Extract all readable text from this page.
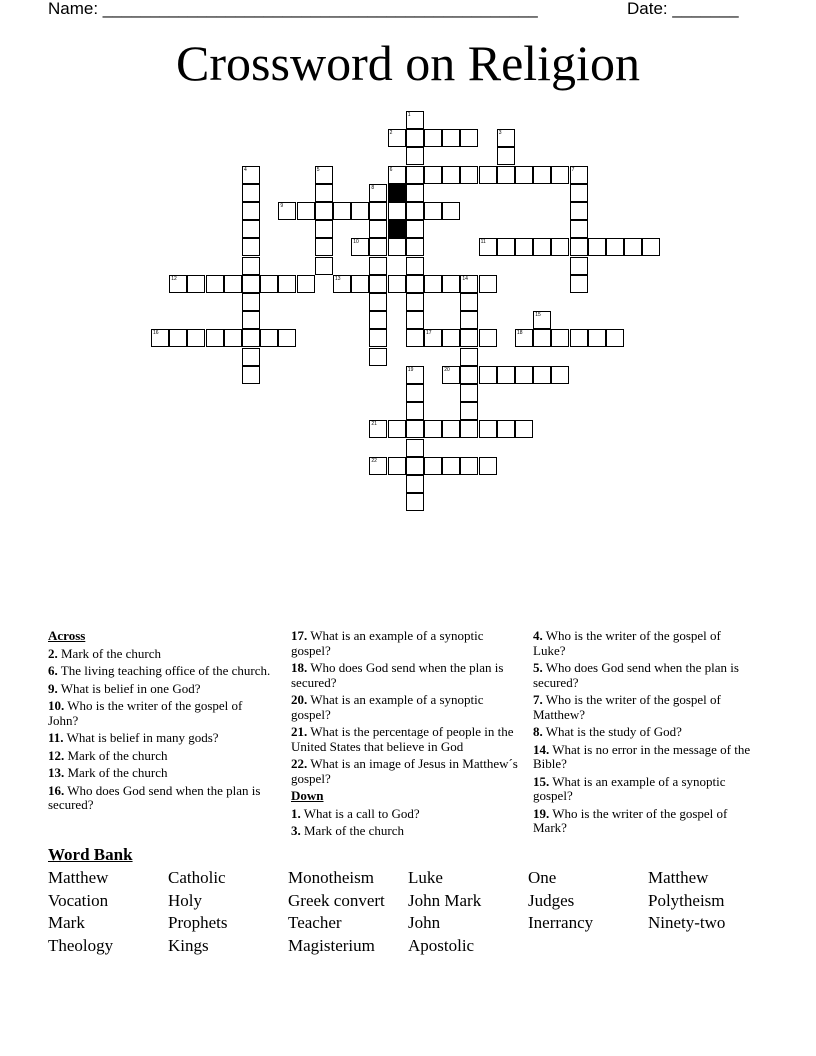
Name: ______________________________________________	Date: _______
Crossword on Religion
2
6	7
9
10	11
12	13	14
16	17	18
20
21
22
1
3
4	5
8
15
19
Across
2. Mark of the church
6. The living teaching office of the church.
9. What is belief in one God?
10. Who is the writer of the gospel of John?
11. What is belief in many gods?
12. Mark of the church
13. Mark of the church
16. Who does God send when the plan is secured?
17. What is an example of a synoptic gospel?
18. Who does God send when the plan is secured?
20. What is an example of a synoptic gospel?
21. What is the percentage of people in the United States that believe in God
22. What is an image of Jesus in Matthew´s gospel?
Down
1. What is a call to God?
3. Mark of the church
4. Who is the writer of the gospel of Luke?
5. Who does God send when the plan is secured?
7. Who is the writer of the gospel of Matthew?
8. What is the study of God?
14. What is no error in the message of the Bible?
15. What is an example of a synoptic gospel?
19. Who is the writer of the gospel of Mark?
Word Bank
Matthew	Catholic	Monotheism	Luke	One	Matthew
Vocation	Holy	Greek convert	John Mark	Judges	Polytheism
Mark	Prophets	Teacher	John	Inerrancy	Ninety-two
Theology	Kings	Magisterium	Apostolic
